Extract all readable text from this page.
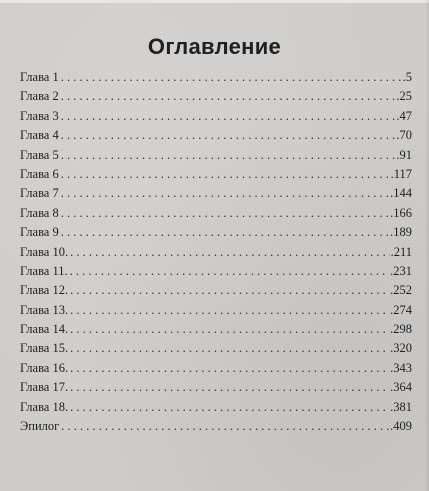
Оглавление
Глава 1 . . .	.5
Глава 2 . . .	.25
Глава 3 . . .	.47
Глава 4 . . .	.70
Глава 5 . . .	.91
Глава 6 . . .	.117
Глава 7 . . .	.144
Глава 8 . . .	.166
Глава 9 . . .	.189
Глава 10. . . .	.211
Глава 11. . . .	.231
Глава 12. . . .	.252
Глава 13. . . .	.274
Глава 14. . . .	.298
Глава 15. . . .	.320
Глава 16. . . .	.343
Глава 17. . . .	.364
Глава 18. . . .	.381
Эпилог . . .	.409
